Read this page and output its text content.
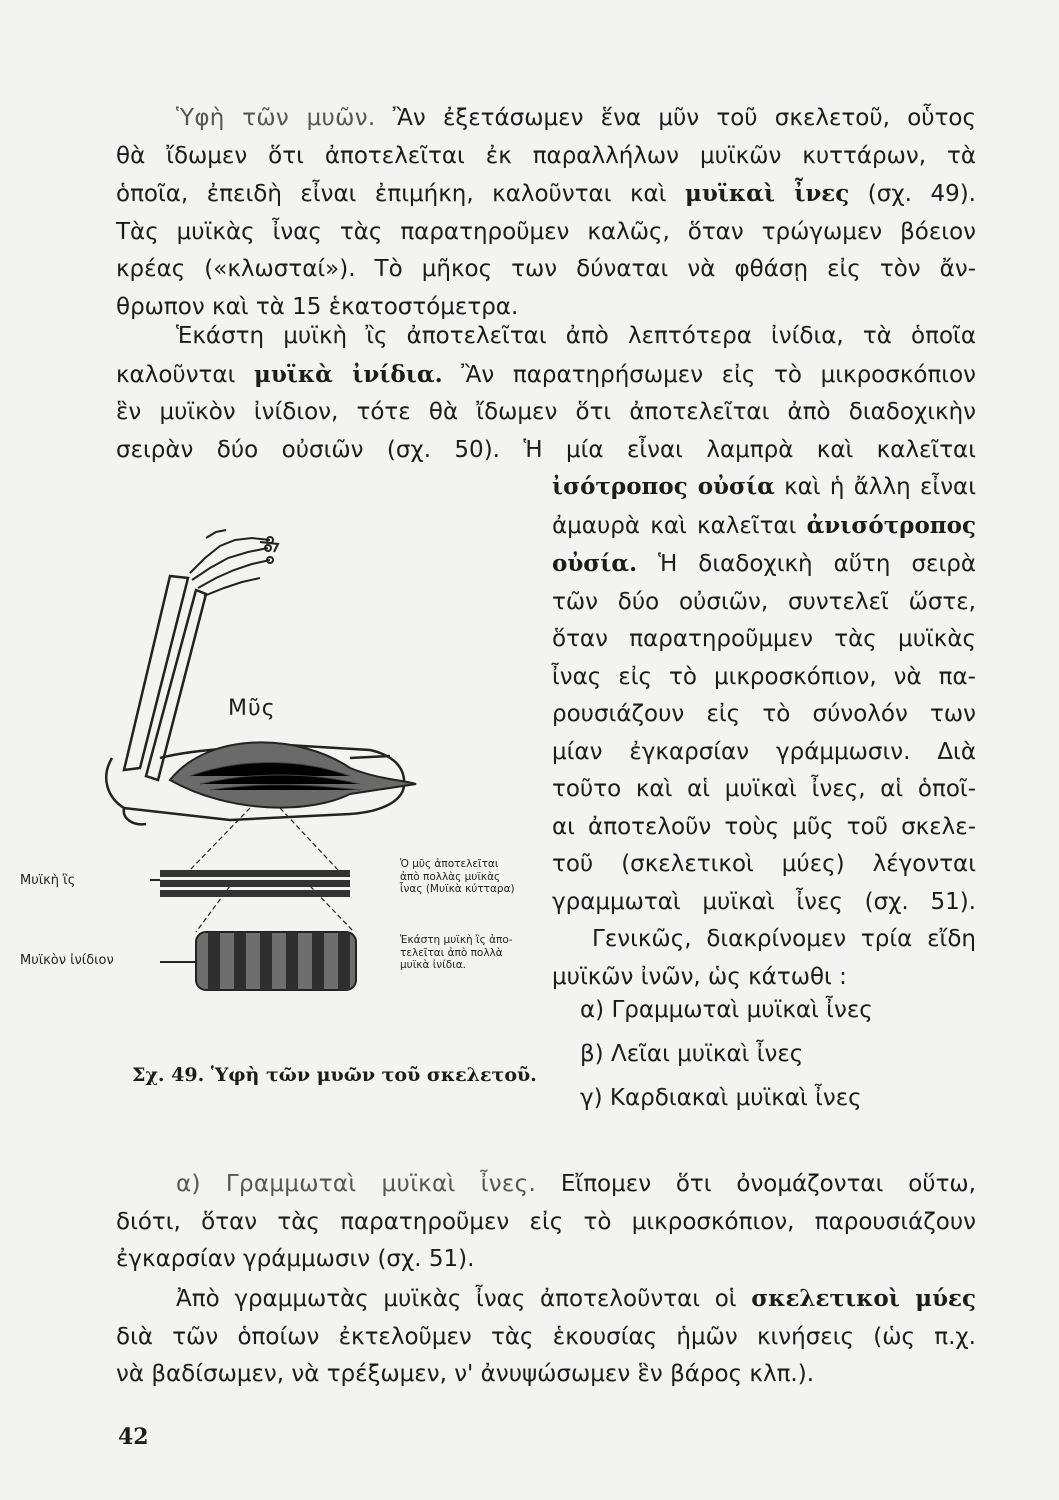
Ὑφὴ τῶν μυῶν. Ἂν ἐξετάσωμεν ἕνα μῦν τοῦ σκελετοῦ, οὗτος
θὰ ἴδωμεν ὅτι ἀποτελεῖται ἐκ παραλλήλων μυϊκῶν κυττάρων, τὰ
ὁποῖα, ἐπειδὴ εἶναι ἐπιμήκη, καλοῦνται καὶ μυϊκαὶ ἶνες (σχ. 49).
Τὰς μυϊκὰς ἶνας τὰς παρατηροῦμεν καλῶς, ὅταν τρώγωμεν βόειον
κρέας («κλωσταί»). Τὸ μῆκος των δύναται νὰ φθάσῃ εἰς τὸν ἄν-
θρωπον καὶ τὰ 15 ἑκατοστόμετρα.
Ἑκάστη μυϊκὴ ἲς ἀποτελεῖται ἀπὸ λεπτότερα ἰνίδια, τὰ ὁποῖα
καλοῦνται μυϊκὰ ἰνίδια. Ἂν παρατηρήσωμεν εἰς τὸ μικροσκόπιον
ἓν μυϊκὸν ἰνίδιον, τότε θὰ ἴδωμεν ὅτι ἀποτελεῖται ἀπὸ διαδοχικὴν
σειρὰν δύο οὐσιῶν (σχ. 50). Ἡ μία εἶναι λαμπρὰ καὶ καλεῖται
ἰσότροπος οὐσία καὶ ἡ ἄλλη εἶναι
ἀμαυρὰ καὶ καλεῖται ἀνισότροπος
οὐσία. Ἡ διαδοχικὴ αὕτη σειρὰ
τῶν δύο οὐσιῶν, συντελεῖ ὥστε,
ὅταν παρατηροῦμμεν τὰς μυϊκὰς
ἶνας εἰς τὸ μικροσκόπιον, νὰ πα-
ρουσιάζουν εἰς τὸ σύνολόν των
μίαν ἐγκαρσίαν γράμμωσιν. Διὰ
τοῦτο καὶ αἱ μυϊκαὶ ἶνες, αἱ ὁποῖ-
αι ἀποτελοῦν τοὺς μῦς τοῦ σκελε-
τοῦ (σκελετικοὶ μύες) λέγονται
γραμμωταὶ μυϊκαὶ ἶνες (σχ. 51).
Γενικῶς, διακρίνομεν τρία εἴδη
μυϊκῶν ἰνῶν, ὡς κάτωθι :
α) Γραμμωταὶ μυϊκαὶ ἶνες
β) Λεῖαι μυϊκαὶ ἶνες
γ) Καρδιακαὶ μυϊκαὶ ἶνες
Μῦς
Μυϊκὴ ἲς
Μυϊκὸν ἰνίδιον
Ὁ μῦς ἀποτελεῖται
ἀπὸ πολλὰς μυϊκὰς
ἶνας (Μυϊκὰ κύτταρα)
Ἑκάστη μυϊκὴ ἲς ἀπο-
τελεῖται ἀπὸ πολλὰ
μυϊκὰ ἰνίδια.
Σχ. 49. Ὑφὴ τῶν μυῶν τοῦ σκελετοῦ.
α) Γραμμωταὶ μυϊκαὶ ἶνες. Εἴπομεν ὅτι ὀνομάζονται οὕτω,
διότι, ὅταν τὰς παρατηροῦμεν εἰς τὸ μικροσκόπιον, παρουσιάζουν
ἐγκαρσίαν γράμμωσιν (σχ. 51).
Ἀπὸ γραμμωτὰς μυϊκὰς ἶνας ἀποτελοῦνται οἱ σκελετικοὶ μύες
διὰ τῶν ὁποίων ἐκτελοῦμεν τὰς ἑκουσίας ἡμῶν κινήσεις (ὡς π.χ.
νὰ βαδίσωμεν, νὰ τρέξωμεν, ν' ἀνυψώσωμεν ἓν βάρος κλπ.).
42
